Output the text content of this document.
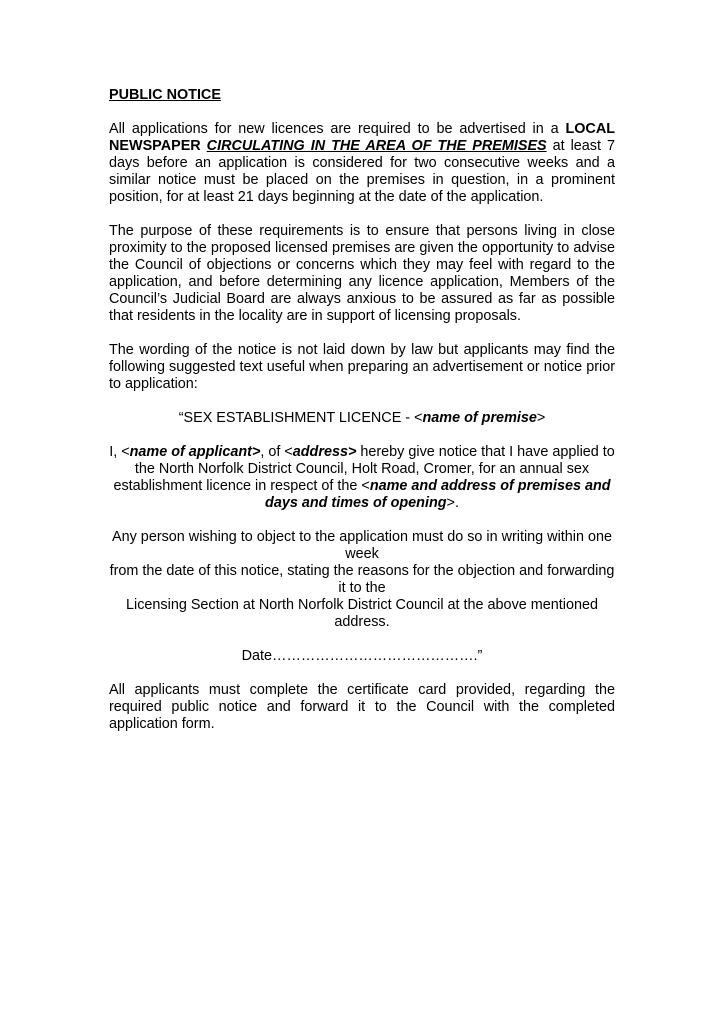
PUBLIC NOTICE

All applications for new licences are required to be advertised in a LOCAL NEWSPAPER CIRCULATING IN THE AREA OF THE PREMISES at least 7 days before an application is considered for two consecutive weeks and a similar notice must be placed on the premises in question, in a prominent position, for at least 21 days beginning at the date of the application.

The purpose of these requirements is to ensure that persons living in close proximity to the proposed licensed premises are given the opportunity to advise the Council of objections or concerns which they may feel with regard to the application, and before determining any licence application, Members of the Council’s Judicial Board are always anxious to be assured as far as possible that residents in the locality are in support of licensing proposals.

The wording of the notice is not laid down by law but applicants may find the following suggested text useful when preparing an advertisement or notice prior to application:

“SEX ESTABLISHMENT LICENCE - <name of premise>

I, <name of applicant>, of <address> hereby give notice that I have applied to the North Norfolk District Council, Holt Road, Cromer, for an annual sex establishment licence in respect of the <name and address of premises and days and times of opening>.

Any person wishing to object to the application must do so in writing within one week
from the date of this notice, stating the reasons for the objection and forwarding it to the
Licensing Section at North Norfolk District Council at the above mentioned address.

Date…………………………………….”

All applicants must complete the certificate card provided, regarding the required public notice and forward it to the Council with the completed application form.
